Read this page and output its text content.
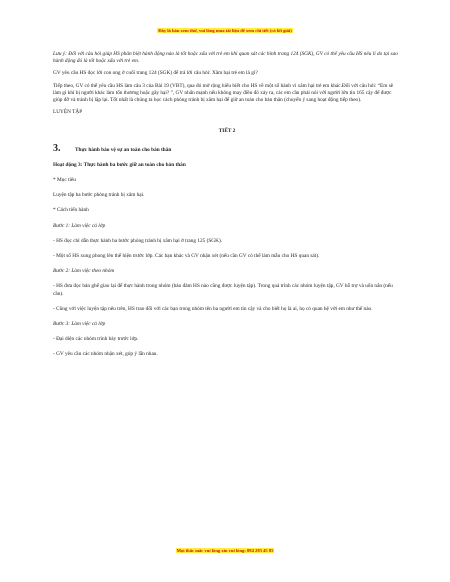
Đây là bản xem thử, vui lòng mua tài liệu để xem chi tiết (có lời giải)

Lưu ý: Đối với câu hỏi giúp HS phân biệt hành động nào là tốt hoặc xấu với trẻ em khi quan sát các hình trang 124 (SGK), GV có thể yêu cầu HS nêu lí do tại sao hành động đó là tốt hoặc xấu với trẻ em.

GV yêu cầu HS đọc lời con ong ở cuối trang 124 (SGK) để trả lời câu hỏi: Xâm hại trẻ em là gì?

Tiếp theo, GV có thể yêu cầu HS làm câu 3 của Bài 19 (VBT), qua đó mở rộng hiểu biết cho HS về một số hành vi xâm hại trẻ em khác.Đối với câu hỏi: “Em sẽ làm gì khi bị người khác làm tổn thương hoặc gây hại? ”, GV nhấn mạnh nếu không may điều đó xảy ra, các em cần phải nói với người lớn tin 165 cậy để được giúp đỡ và tránh bị lặp lại. Tốt nhất là chúng ta học cách phòng tránh bị xâm hại để giữ an toàn cho bản thân (chuyển ý sang hoạt động tiếp theo).

LUYỆN TẬP

TIẾT 2

3.	Thực hành bảo vệ sự an toàn cho bản thân

Hoạt động 3: Thực hành ba bước giữ an toàn cho bản thân

* Mục tiêu

Luyện tập ba bước phòng tránh bị xâm hại.

* Cách tiến hành

Bước 1: Làm việc cả lớp

- HS đọc chỉ dẫn thực hành ba bước phòng tránh bị xâm hại ở trang 125 (SGK).

- Một số HS xung phong lên thể hiện trước lớp. Các bạn khác và GV nhận xét (nếu cần GV có thể làm mẫu cho HS quan sát).

Bước 2: Làm việc theo nhóm

- HS đưa đọc bản ghế giao lại để thực hành trong nhóm (bảo đảm HS nào cũng được luyện tập). Trong quá trình các nhóm luyện tập, GV hỗ trợ và uốn nắn (nếu cần).

- Cũng với việc luyện tập nêu trên, HS trao đổi với các bạn trong nhóm tên ba người em tin cậy và cho biết họ là ai, họ có quan hệ với em như thế nào.

Bước 3: Làm việc cả lớp

- Đại diện các nhóm trình bày trước lớp.

- GV yêu cầu các nhóm nhận xét, góp ý lẫn nhau.

Mọi thắc mắc vui lòng xin vui lòng: 084 283 45 85
